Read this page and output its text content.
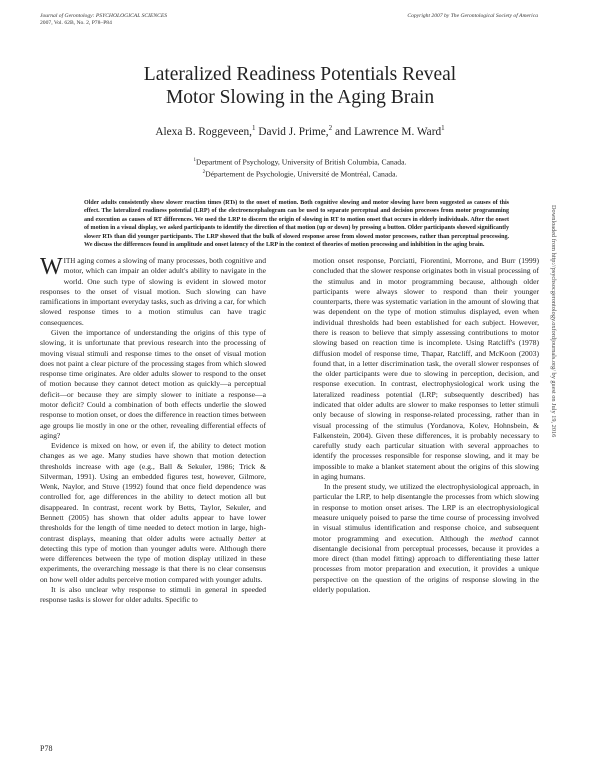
Journal of Gerontology: PSYCHOLOGICAL SCIENCES
2007, Vol. 62B, No. 2, P78–P84
Copyright 2007 by The Gerontological Society of America
Lateralized Readiness Potentials Reveal
Motor Slowing in the Aging Brain
Alexa B. Roggeveen,$^1$ David J. Prime,$^2$ and Lawrence M. Ward$^1$
$^1$Department of Psychology, University of British Columbia, Canada.
$^2$Département de Psychologie, Université de Montréal, Canada.
Older adults consistently show slower reaction times (RTs) to the onset of motion. Both cognitive slowing and motor slowing have been suggested as causes of this effect. The lateralized readiness potential (LRP) of the electroencephalogram can be used to separate perceptual and decision processes from motor programming and execution as causes of RT differences. We used the LRP to discern the origin of slowing in RT to motion onset that occurs in elderly individuals. After the onset of motion in a visual display, we asked participants to identify the direction of that motion (up or down) by pressing a button. Older participants showed significantly slower RTs than did younger participants. The LRP showed that the bulk of slowed response arose from slowed motor processes, rather than perceptual processing. We discuss the differences found in amplitude and onset latency of the LRP in the context of theories of motion processing and inhibition in the aging brain.	Downloaded from http://psychsocgerontology.oxfordjournals.org/ by guest on July 19, 2016

WITH aging comes a slowing of many processes, both cognitive and motor, which can impair an older adult's ability to navigate in the world. One such type of slowing is evident in slowed motor responses to the onset of visual motion. Such slowing can have ramifications in important everyday tasks, such as driving a car, for which slowed response times to a motion stimulus can have tragic consequences.

Given the importance of understanding the origins of this type of slowing, it is unfortunate that previous research into the processing of moving visual stimuli and response times to the onset of visual motion does not paint a clear picture of the processing stages from which slowed response time originates. Are older adults slower to respond to the onset of motion because they cannot detect motion as quickly—a perceptual deficit—or because they are simply slower to initiate a response—a motor deficit? Could a combination of both effects underlie the slowed response to motion onset, or does the difference in reaction times between age groups lie mostly in one or the other, revealing differential effects of aging?

Evidence is mixed on how, or even if, the ability to detect motion changes as we age. Many studies have shown that motion detection thresholds increase with age (e.g., Ball & Sekuler, 1986; Trick & Silverman, 1991). Using an embedded figures test, however, Gilmore, Wenk, Naylor, and Stuve (1992) found that once field dependence was controlled for, age differences in the ability to detect motion all but disappeared. In contrast, recent work by Betts, Taylor, Sekuler, and Bennett (2005) has shown that older adults appear to have lower thresholds for the length of time needed to detect motion in large, high-contrast displays, meaning that older adults were actually better at detecting this type of motion than younger adults were. Although there were differences between the type of motion display utilized in these experiments, the overarching message is that there is no clear consensus on how well older adults perceive motion compared with younger adults.

It is also unclear why response to stimuli in general in speeded response tasks is slower for older adults. Specific to

motion onset response, Porciatti, Fiorentini, Morrone, and Burr (1999) concluded that the slower response originates both in visual processing of the stimulus and in motor programming because, although older participants were always slower to respond than their younger counterparts, there was systematic variation in the amount of slowing that was dependent on the type of motion stimulus displayed, even when individual thresholds had been established for each subject. However, there is reason to believe that simply assessing contributions to motor slowing based on reaction time is incomplete. Using Ratcliff's (1978) diffusion model of response time, Thapar, Ratcliff, and McKoon (2003) found that, in a letter discrimination task, the overall slower responses of the older participants were due to slowing in perception, decision, and response execution. In contrast, electrophysiological work using the lateralized readiness potential (LRP; subsequently described) has indicated that older adults are slower to make responses to letter stimuli only because of slowing in response-related processing, rather than in visual processing of the stimulus (Yordanova, Kolev, Hohnsbein, & Falkenstein, 2004). Given these differences, it is probably necessary to carefully study each particular situation with several approaches to identify the processes responsible for response slowing, and it may be impossible to make a blanket statement about the origins of this slowing in aging humans.

In the present study, we utilized the electrophysiological approach, in particular the LRP, to help disentangle the processes from which slowing in response to motion onset arises. The LRP is an electrophysiological measure uniquely poised to parse the time course of processing involved in visual stimulus identification and response choice, and subsequent motor programming and execution. Although the method cannot disentangle decisional from perceptual processes, because it provides a more direct (than model fitting) approach to differentiating these latter processes from motor preparation and execution, it provides a unique perspective on the question of the origins of response slowing in the elderly population.

P78
